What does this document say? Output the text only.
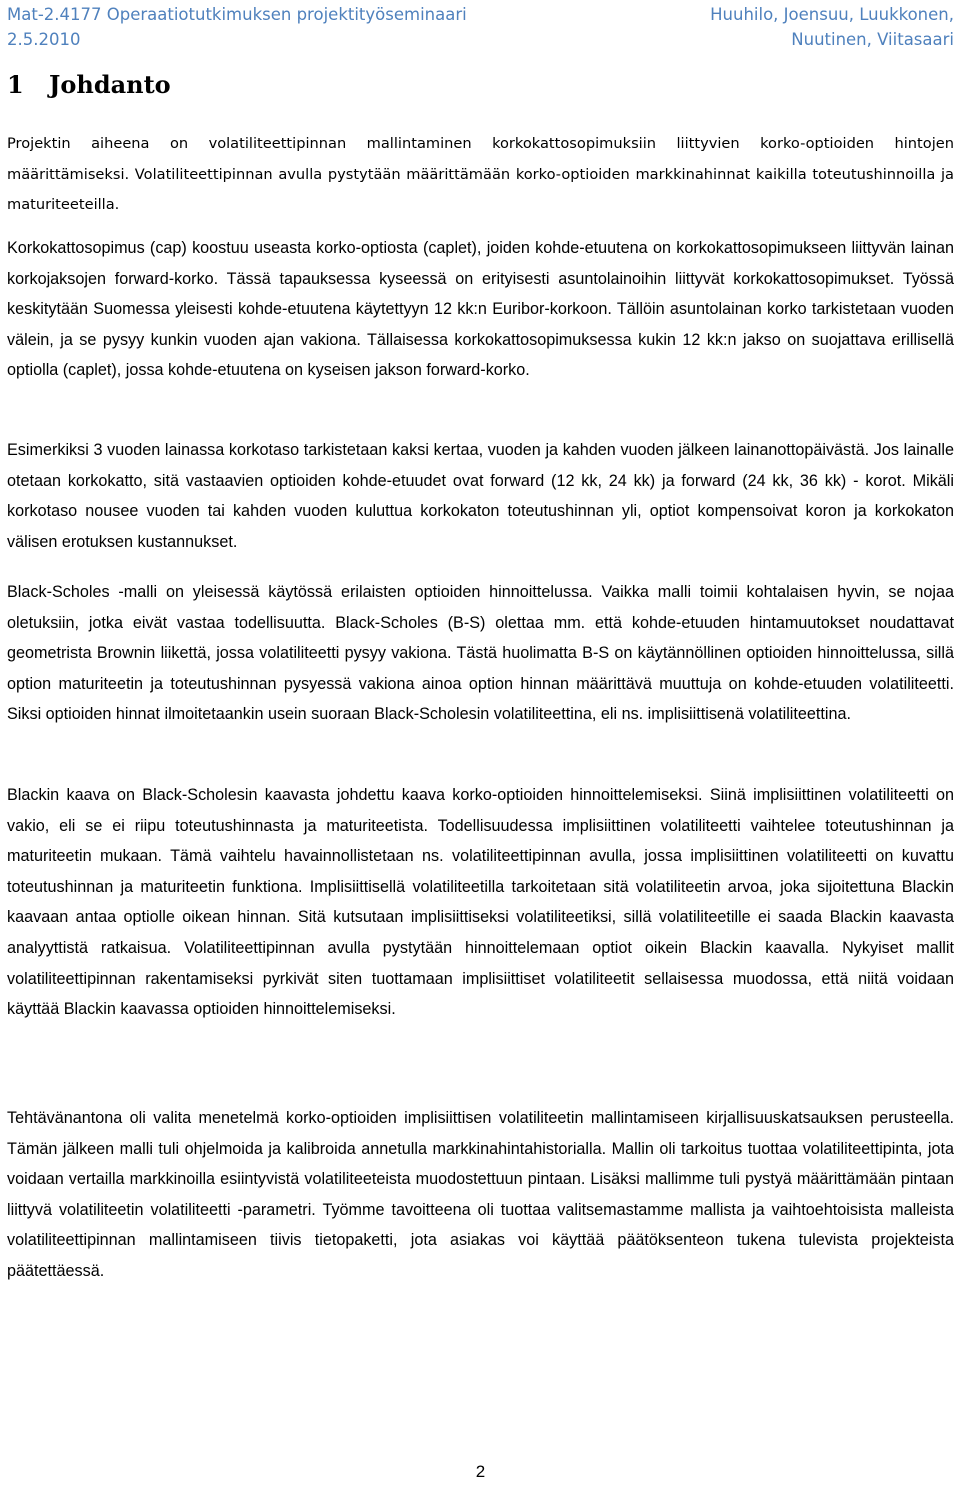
Mat-2.4177 Operaatiotutkimuksen projektityöseminaari
2.5.2010
Huuhilo, Joensuu, Luukkonen,
Nuutinen, Viitasaari
1 Johdanto

Projektin aiheena on volatiliteettipinnan mallintaminen korkokattosopimuksiin liittyvien korko-optioiden hintojen määrittämiseksi. Volatiliteettipinnan avulla pystytään määrittämään korko-optioiden markkinahinnat kaikilla toteutushinnoilla ja maturiteeteilla.

Korkokattosopimus (cap) koostuu useasta korko-optiosta (caplet), joiden kohde-etuutena on korkokattosopimukseen liittyvän lainan korkojaksojen forward-korko. Tässä tapauksessa kyseessä on erityisesti asuntolainoihin liittyvät korkokattosopimukset. Työssä keskitytään Suomessa yleisesti kohde-etuutena käytettyyn 12 kk:n Euribor-korkoon. Tällöin asuntolainan korko tarkistetaan vuoden välein, ja se pysyy kunkin vuoden ajan vakiona. Tällaisessa korkokattosopimuksessa kukin 12 kk:n jakso on suojattava erillisellä optiolla (caplet), jossa kohde-etuutena on kyseisen jakson forward-korko.

Esimerkiksi 3 vuoden lainassa korkotaso tarkistetaan kaksi kertaa, vuoden ja kahden vuoden jälkeen lainanottopäivästä. Jos lainalle otetaan korkokatto, sitä vastaavien optioiden kohde-etuudet ovat forward (12 kk, 24 kk) ja forward (24 kk, 36 kk) - korot. Mikäli korkotaso nousee vuoden tai kahden vuoden kuluttua korkokaton toteutushinnan yli, optiot kompensoivat koron ja korkokaton välisen erotuksen kustannukset.

Black-Scholes -malli on yleisessä käytössä erilaisten optioiden hinnoittelussa. Vaikka malli toimii kohtalaisen hyvin, se nojaa oletuksiin, jotka eivät vastaa todellisuutta. Black-Scholes (B-S) olettaa mm. että kohde-etuuden hintamuutokset noudattavat geometrista Brownin liikettä, jossa volatiliteetti pysyy vakiona. Tästä huolimatta B-S on käytännöllinen optioiden hinnoittelussa, sillä option maturiteetin ja toteutushinnan pysyessä vakiona ainoa option hinnan määrittävä muuttuja on kohde-etuuden volatiliteetti. Siksi optioiden hinnat ilmoitetaankin usein suoraan Black-Scholesin volatiliteettina, eli ns. implisiittisenä volatiliteettina.

Blackin kaava on Black-Scholesin kaavasta johdettu kaava korko-optioiden hinnoittelemiseksi. Siinä implisiittinen volatiliteetti on vakio, eli se ei riipu toteutushinnasta ja maturiteetista. Todellisuudessa implisiittinen volatiliteetti vaihtelee toteutushinnan ja maturiteetin mukaan. Tämä vaihtelu havainnollistetaan ns. volatiliteettipinnan avulla, jossa implisiittinen volatiliteetti on kuvattu toteutushinnan ja maturiteetin funktiona. Implisiittisellä volatiliteetilla tarkoitetaan sitä volatiliteetin arvoa, joka sijoitettuna Blackin kaavaan antaa optiolle oikean hinnan. Sitä kutsutaan implisiittiseksi volatiliteetiksi, sillä volatiliteetille ei saada Blackin kaavasta analyyttistä ratkaisua. Volatiliteettipinnan avulla pystytään hinnoittelemaan optiot oikein Blackin kaavalla. Nykyiset mallit volatiliteettipinnan rakentamiseksi pyrkivät siten tuottamaan implisiittiset volatiliteetit sellaisessa muodossa, että niitä voidaan käyttää Blackin kaavassa optioiden hinnoittelemiseksi.

Tehtävänantona oli valita menetelmä korko-optioiden implisiittisen volatiliteetin mallintamiseen kirjallisuuskatsauksen perusteella. Tämän jälkeen malli tuli ohjelmoida ja kalibroida annetulla markkinahintahistorialla. Mallin oli tarkoitus tuottaa volatiliteettipinta, jota voidaan vertailla markkinoilla esiintyvistä volatiliteeteista muodostettuun pintaan. Lisäksi mallimme tuli pystyä määrittämään pintaan liittyvä volatiliteetin volatiliteetti -parametri. Työmme tavoitteena oli tuottaa valitsemastamme mallista ja vaihtoehtoisista malleista volatiliteettipinnan mallintamiseen tiivis tietopaketti, jota asiakas voi käyttää päätöksenteon tukena tulevista projekteista päätettäessä.

2
